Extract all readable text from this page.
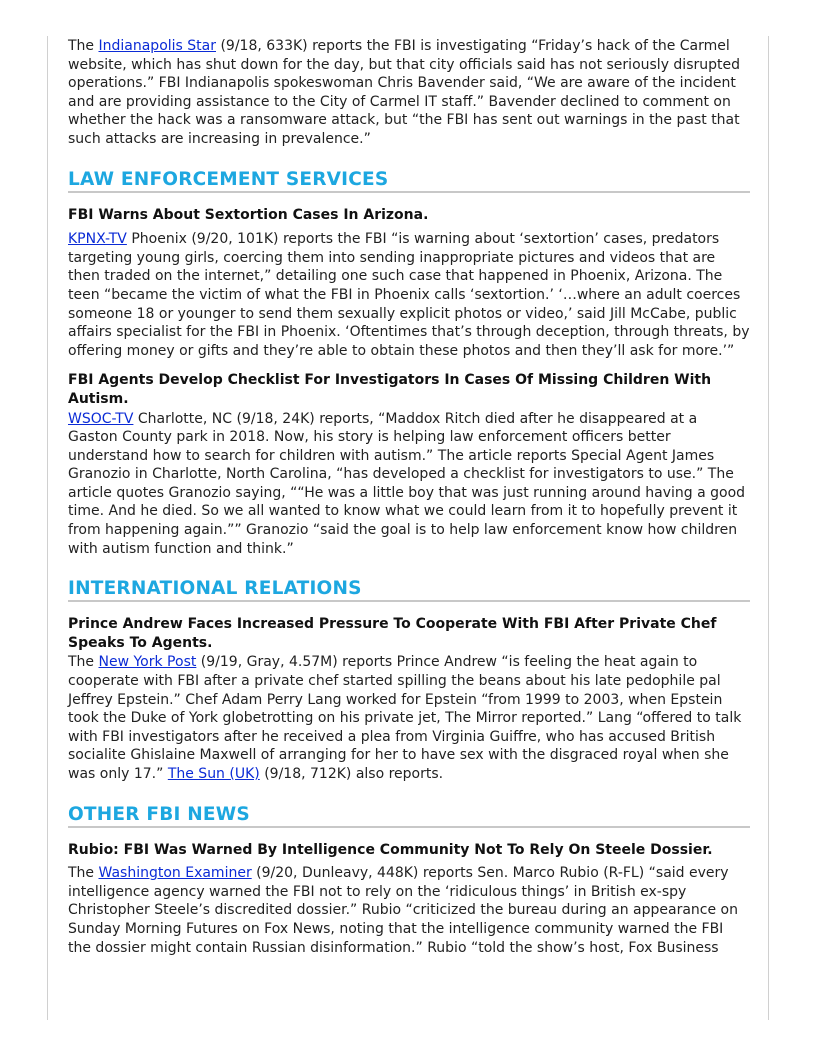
The Indianapolis Star (9/18, 633K) reports the FBI is investigating “Friday’s hack of the Carmel website, which has shut down for the day, but that city officials said has not seriously disrupted operations.” FBI Indianapolis spokeswoman Chris Bavender said, “We are aware of the incident and are providing assistance to the City of Carmel IT staff.” Bavender declined to comment on whether the hack was a ransomware attack, but “the FBI has sent out warnings in the past that such attacks are increasing in prevalence.”

LAW ENFORCEMENT SERVICES

FBI Warns About Sextortion Cases In Arizona.

KPNX-TV Phoenix (9/20, 101K) reports the FBI “is warning about ‘sextortion’ cases, predators targeting young girls, coercing them into sending inappropriate pictures and videos that are then traded on the internet,” detailing one such case that happened in Phoenix, Arizona. The teen “became the victim of what the FBI in Phoenix calls ‘sextortion.’ ‘…where an adult coerces someone 18 or younger to send them sexually explicit photos or video,’ said Jill McCabe, public affairs specialist for the FBI in Phoenix. ‘Oftentimes that’s through deception, through threats, by offering money or gifts and they’re able to obtain these photos and then they’ll ask for more.’”

FBI Agents Develop Checklist For Investigators In Cases Of Missing Children With Autism.

WSOC-TV Charlotte, NC (9/18, 24K) reports, “Maddox Ritch died after he disappeared at a Gaston County park in 2018. Now, his story is helping law enforcement officers better understand how to search for children with autism.” The article reports Special Agent James Granozio in Charlotte, North Carolina, “has developed a checklist for investigators to use.” The article quotes Granozio saying, ““He was a little boy that was just running around having a good time. And he died. So we all wanted to know what we could learn from it to hopefully prevent it from happening again.”” Granozio “said the goal is to help law enforcement know how children with autism function and think.”

INTERNATIONAL RELATIONS

Prince Andrew Faces Increased Pressure To Cooperate With FBI After Private Chef Speaks To Agents.

The New York Post (9/19, Gray, 4.57M) reports Prince Andrew “is feeling the heat again to cooperate with FBI after a private chef started spilling the beans about his late pedophile pal Jeffrey Epstein.” Chef Adam Perry Lang worked for Epstein “from 1999 to 2003, when Epstein took the Duke of York globetrotting on his private jet, The Mirror reported.” Lang “offered to talk with FBI investigators after he received a plea from Virginia Guiffre, who has accused British socialite Ghislaine Maxwell of arranging for her to have sex with the disgraced royal when she was only 17.” The Sun (UK) (9/18, 712K) also reports.

OTHER FBI NEWS

Rubio: FBI Was Warned By Intelligence Community Not To Rely On Steele Dossier.

The Washington Examiner (9/20, Dunleavy, 448K) reports Sen. Marco Rubio (R-FL) “said every intelligence agency warned the FBI not to rely on the ‘ridiculous things’ in British ex-spy Christopher Steele’s discredited dossier.” Rubio “criticized the bureau during an appearance on Sunday Morning Futures on Fox News, noting that the intelligence community warned the FBI the dossier might contain Russian disinformation.” Rubio “told the show’s host, Fox Business
